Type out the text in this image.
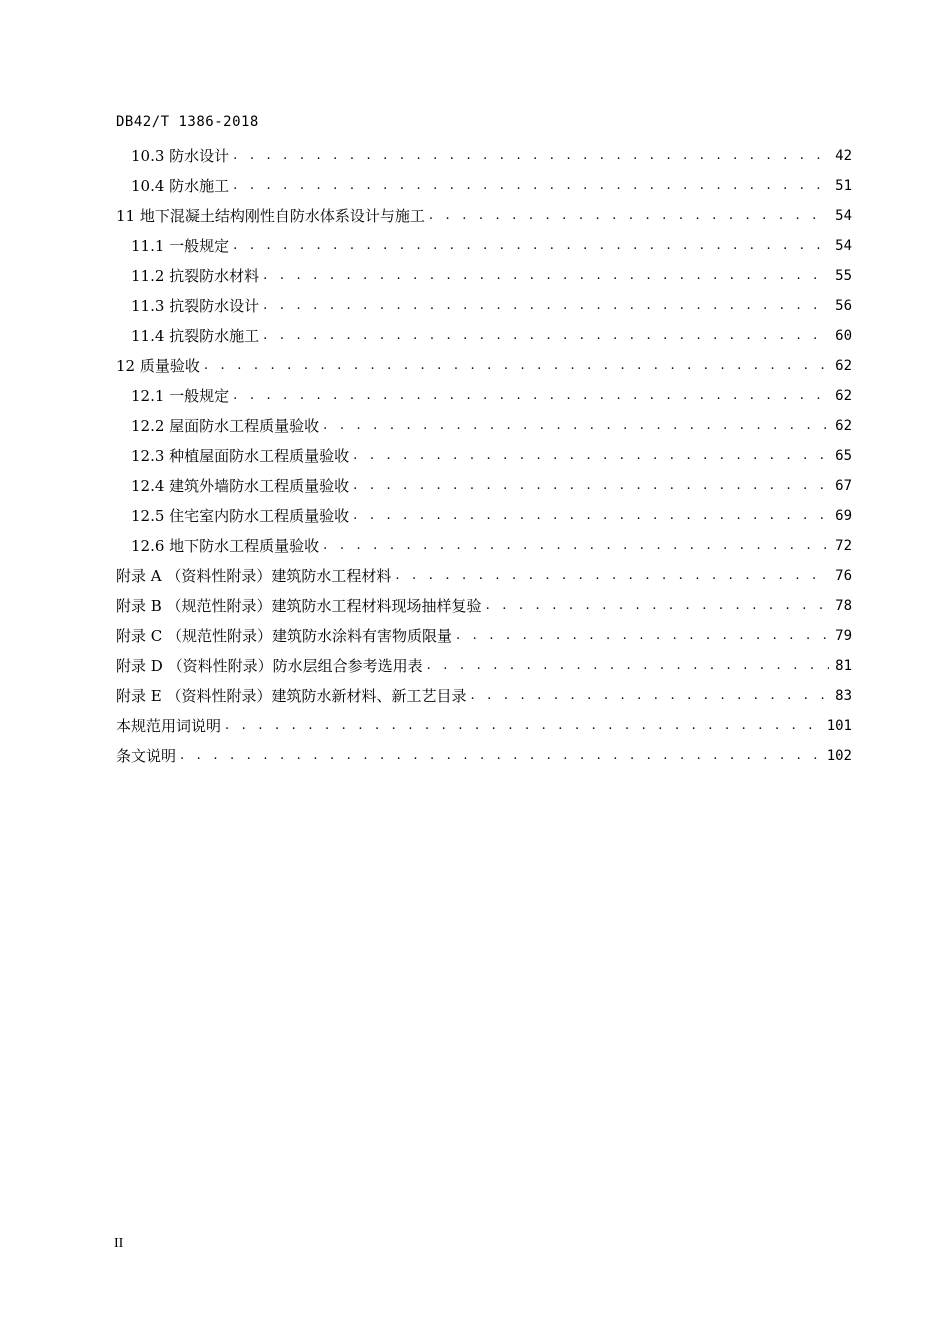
DB42/T 1386-2018
10.3 防水设计 . . .	42
10.4 防水施工 . . .	51
11 地下混凝土结构刚性自防水体系设计与施工 . . .	54
11.1 一般规定 . . .	54
11.2 抗裂防水材料 . . .	55
11.3 抗裂防水设计 . . .	56
11.4 抗裂防水施工 . . .	60
12 质量验收 . . .	62
12.1 一般规定 . . .	62
12.2 屋面防水工程质量验收 . . .	62
12.3 种植屋面防水工程质量验收 . . .	65
12.4 建筑外墙防水工程质量验收 . . .	67
12.5 住宅室内防水工程质量验收 . . .	69
12.6 地下防水工程质量验收 . . .	72
附录 A （资料性附录）建筑防水工程材料 . . .	76
附录 B （规范性附录）建筑防水工程材料现场抽样复验 . . .	78
附录 C （规范性附录）建筑防水涂料有害物质限量 . . .	79
附录 D （资料性附录）防水层组合参考选用表 . . .	81
附录 E （资料性附录）建筑防水新材料、新工艺目录 . . .	83
本规范用词说明 . . .	101
条文说明 . . .	102
II
